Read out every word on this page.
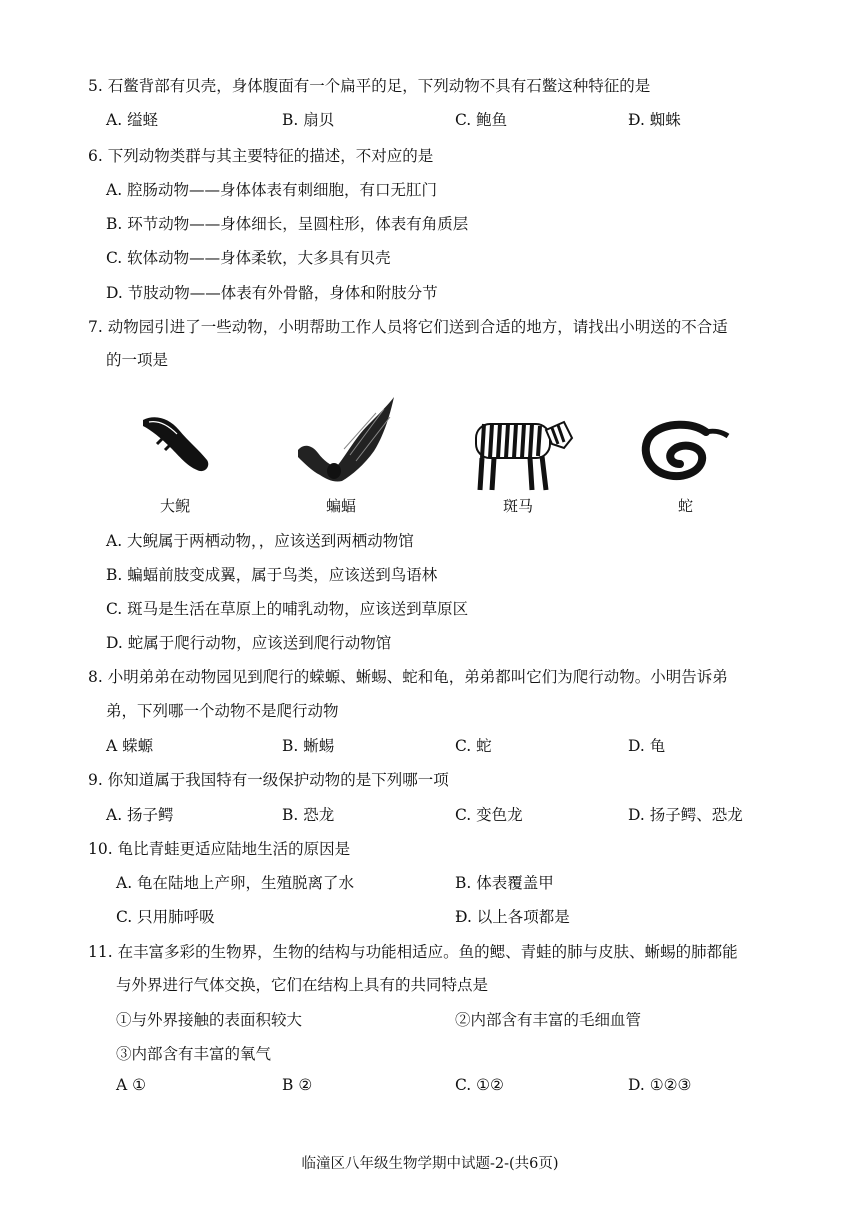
5. 石鳖背部有贝壳，身体腹面有一个扁平的足，下列动物不具有石鳖这种特征的是
A. 缢蛏	B. 扇贝	C. 鲍鱼	Ð. 蜘蛛
6. 下列动物类群与其主要特征的描述，不对应的是
A. 腔肠动物——身体体表有刺细胞，有口无肛门
B. 环节动物——身体细长，呈圆柱形，体表有角质层
C. 软体动物——身体柔软，大多具有贝壳
D. 节肢动物——体表有外骨骼，身体和附肢分节
7. 动物园引进了一些动物，小明帮助工作人员将它们送到合适的地方，请找出小明送的不合适
的一项是
大鲵	蝙蝠	斑马	蛇
A. 大鲵属于两栖动物，，应该送到两栖动物馆
B. 蝙蝠前肢变成翼，属于鸟类，应该送到鸟语林
C. 斑马是生活在草原上的哺乳动物，应该送到草原区
D. 蛇属于爬行动物，应该送到爬行动物馆
8. 小明弟弟在动物园见到爬行的蝾螈、蜥蜴、蛇和龟，弟弟都叫它们为爬行动物。小明告诉弟
弟，下列哪一个动物不是爬行动物
A 蝾螈	B. 蜥蜴	C. 蛇	D. 龟
9. 你知道属于我国特有一级保护动物的是下列哪一项
A. 扬子鳄	B. 恐龙	C. 变色龙	D. 扬子鳄、恐龙
10. 龟比青蛙更适应陆地生活的原因是
A. 龟在陆地上产卵，生殖脱离了水	B. 体表覆盖甲
C. 只用肺呼吸	Ð. 以上各项都是
11. 在丰富多彩的生物界，生物的结构与功能相适应。鱼的鳃、青蛙的肺与皮肤、蜥蜴的肺都能
与外界进行气体交换，它们在结构上具有的共同特点是
①与外界接触的表面积较大	②内部含有丰富的毛细血管
③内部含有丰富的氧气
A ①	B ②	C. ①②	D. ①②③
临潼区八年级生物学期中试题-2-(共6页)
